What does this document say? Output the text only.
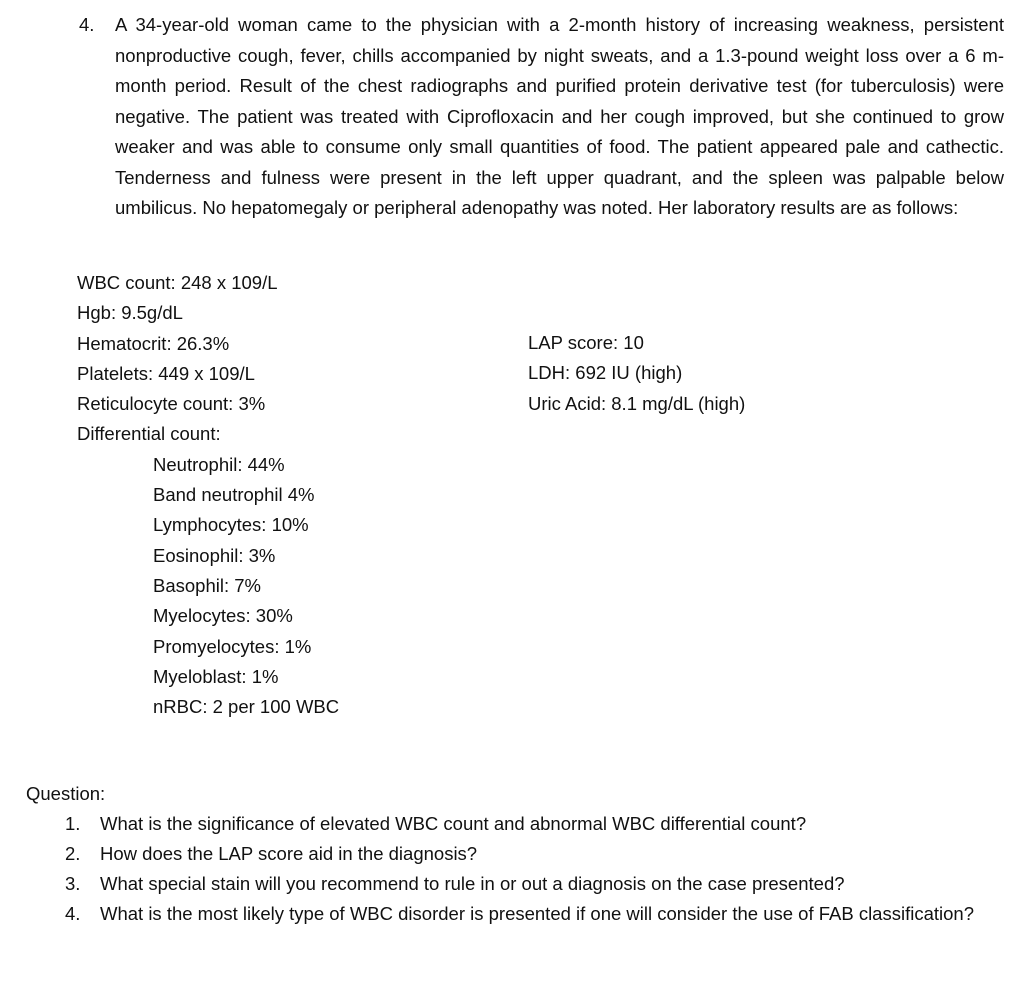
4. A 34-year-old woman came to the physician with a 2-month history of increasing weakness, persistent nonproductive cough, fever, chills accompanied by night sweats, and a 1.3-pound weight loss over a 6 m-month period. Result of the chest radiographs and purified protein derivative test (for tuberculosis) were negative. The patient was treated with Ciprofloxacin and her cough improved, but she continued to grow weaker and was able to consume only small quantities of food. The patient appeared pale and cathectic. Tenderness and fulness were present in the left upper quadrant, and the spleen was palpable below umbilicus. No hepatomegaly or peripheral adenopathy was noted. Her laboratory results are as follows:
WBC count: 248 x 109/L
Hgb: 9.5g/dL
Hematocrit: 26.3%
Platelets: 449 x 109/L
Reticulocyte count: 3%
Differential count:
Neutrophil: 44%
Band neutrophil 4%
Lymphocytes: 10%
Eosinophil: 3%
Basophil: 7%
Myelocytes: 30%
Promyelocytes: 1%
Myeloblast: 1%
nRBC: 2 per 100 WBC
LAP score: 10
LDH: 692 IU (high)
Uric Acid: 8.1 mg/dL (high)
Question:
1. What is the significance of elevated WBC count and abnormal WBC differential count?
2. How does the LAP score aid in the diagnosis?
3. What special stain will you recommend to rule in or out a diagnosis on the case presented?
4. What is the most likely type of WBC disorder is presented if one will consider the use of FAB classification?
